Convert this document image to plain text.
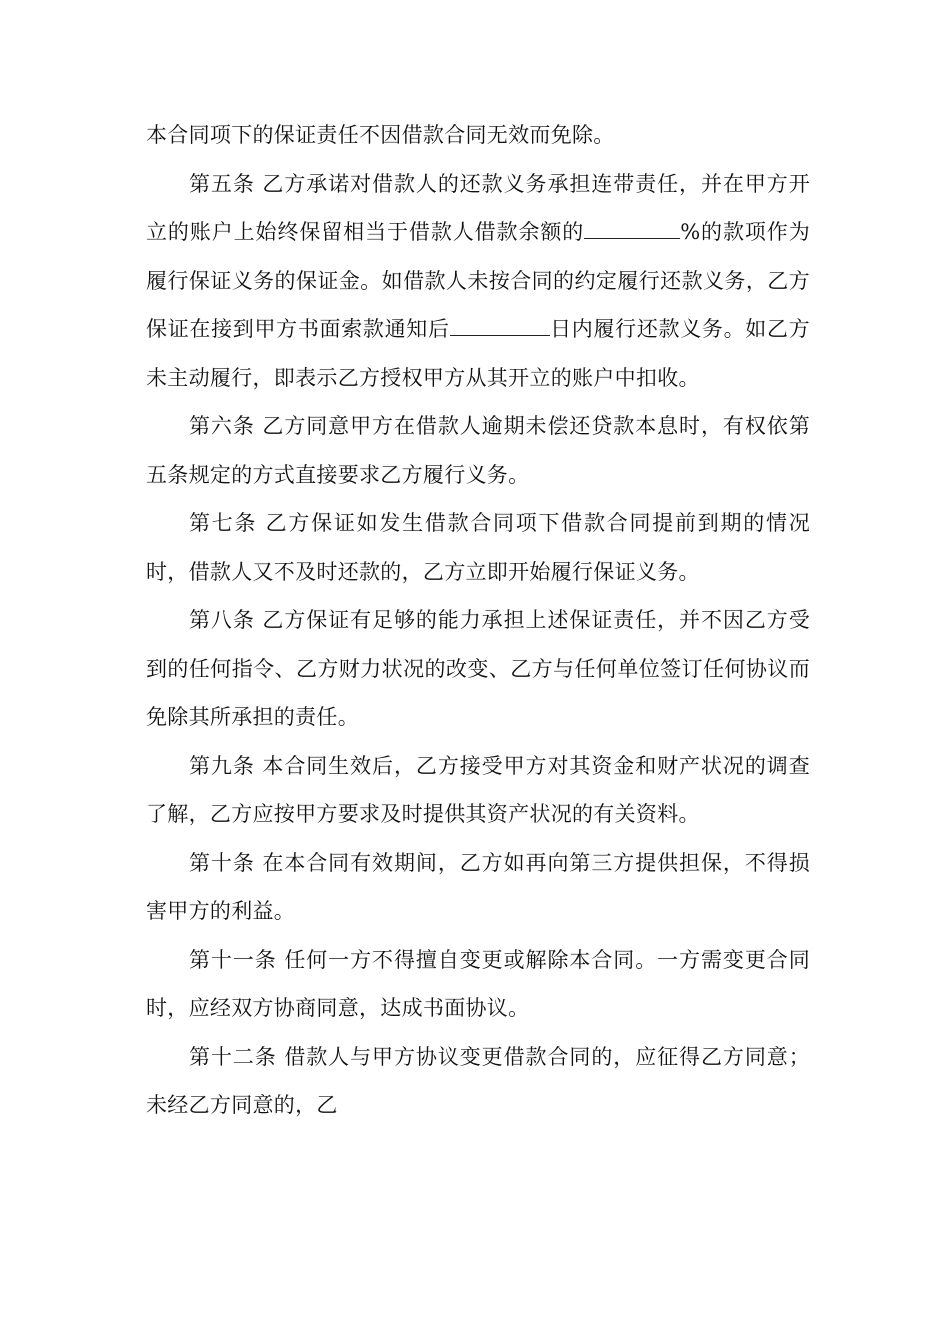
本合同项下的保证责任不因借款合同无效而免除。

第五条 乙方承诺对借款人的还款义务承担连带责任，并在甲方开立的账户上始终保留相当于借款人借款余额的	%的款项作为履行保证义务的保证金。如借款人未按合同的约定履行还款义务，乙方保证在接到甲方书面索款通知后	日内履行还款义务。如乙方未主动履行，即表示乙方授权甲方从其开立的账户中扣收。

第六条 乙方同意甲方在借款人逾期未偿还贷款本息时，有权依第五条规定的方式直接要求乙方履行义务。

第七条 乙方保证如发生借款合同项下借款合同提前到期的情况时，借款人又不及时还款的，乙方立即开始履行保证义务。

第八条 乙方保证有足够的能力承担上述保证责任，并不因乙方受到的任何指令、乙方财力状况的改变、乙方与任何单位签订任何协议而免除其所承担的责任。

第九条 本合同生效后，乙方接受甲方对其资金和财产状况的调查了解，乙方应按甲方要求及时提供其资产状况的有关资料。

第十条 在本合同有效期间，乙方如再向第三方提供担保，不得损害甲方的利益。

第十一条 任何一方不得擅自变更或解除本合同。一方需变更合同时，应经双方协商同意，达成书面协议。

第十二条 借款人与甲方协议变更借款合同的，应征得乙方同意；未经乙方同意的，乙
